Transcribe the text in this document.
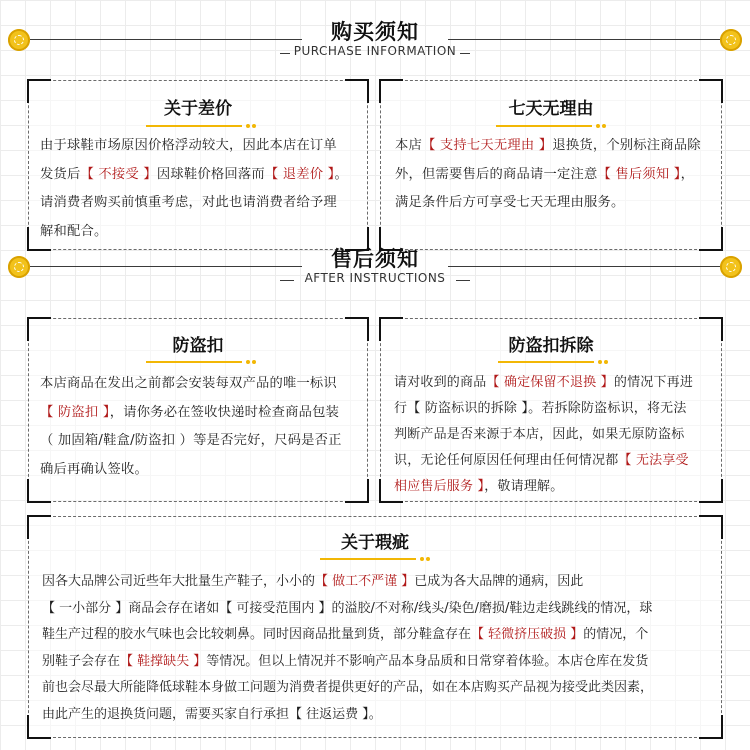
购买须知
PURCHASE INFORMATION
关于差价
由于球鞋市场原因价格浮动较大，因此本店在订单
发货后【 不接受 】因球鞋价格回落而【 退差价 】。
请消费者购买前慎重考虑，对此也请消费者给予理
解和配合。
七天无理由
本店【 支持七天无理由 】退换货，个别标注商品除
外，但需要售后的商品请一定注意【 售后须知 】，
满足条件后方可享受七天无理由服务。
售后须知
AFTER INSTRUCTIONS
防盗扣
本店商品在发出之前都会安装每双产品的唯一标识
【 防盗扣 】，请你务必在签收快递时检查商品包装
（ 加固箱/鞋盒/防盗扣 ）等是否完好，尺码是否正
确后再确认签收。
防盗扣拆除
请对收到的商品【 确定保留不退换 】的情况下再进
行【 防盗标识的拆除 】。若拆除防盗标识，将无法
判断产品是否来源于本店，因此，如果无原防盗标
识，无论任何原因任何理由任何情况都【 无法享受
相应售后服务 】，敬请理解。
关于瑕疵
因各大品牌公司近些年大批量生产鞋子，小小的【 做工不严谨 】已成为各大品牌的通病，因此
【 一小部分 】商品会存在诸如【 可接受范围内 】的溢胶/不对称/线头/染色/磨损/鞋边走线跳线的情况，球
鞋生产过程的胶水气味也会比较刺鼻。同时因商品批量到货，部分鞋盒存在【 轻微挤压破损 】的情况，个
别鞋子会存在【 鞋撑缺失 】等情况。但以上情况并不影响产品本身品质和日常穿着体验。本店仓库在发货
前也会尽最大所能降低球鞋本身做工问题为消费者提供更好的产品，如在本店购买产品视为接受此类因素，
由此产生的退换货问题，需要买家自行承担【 往返运费 】。
